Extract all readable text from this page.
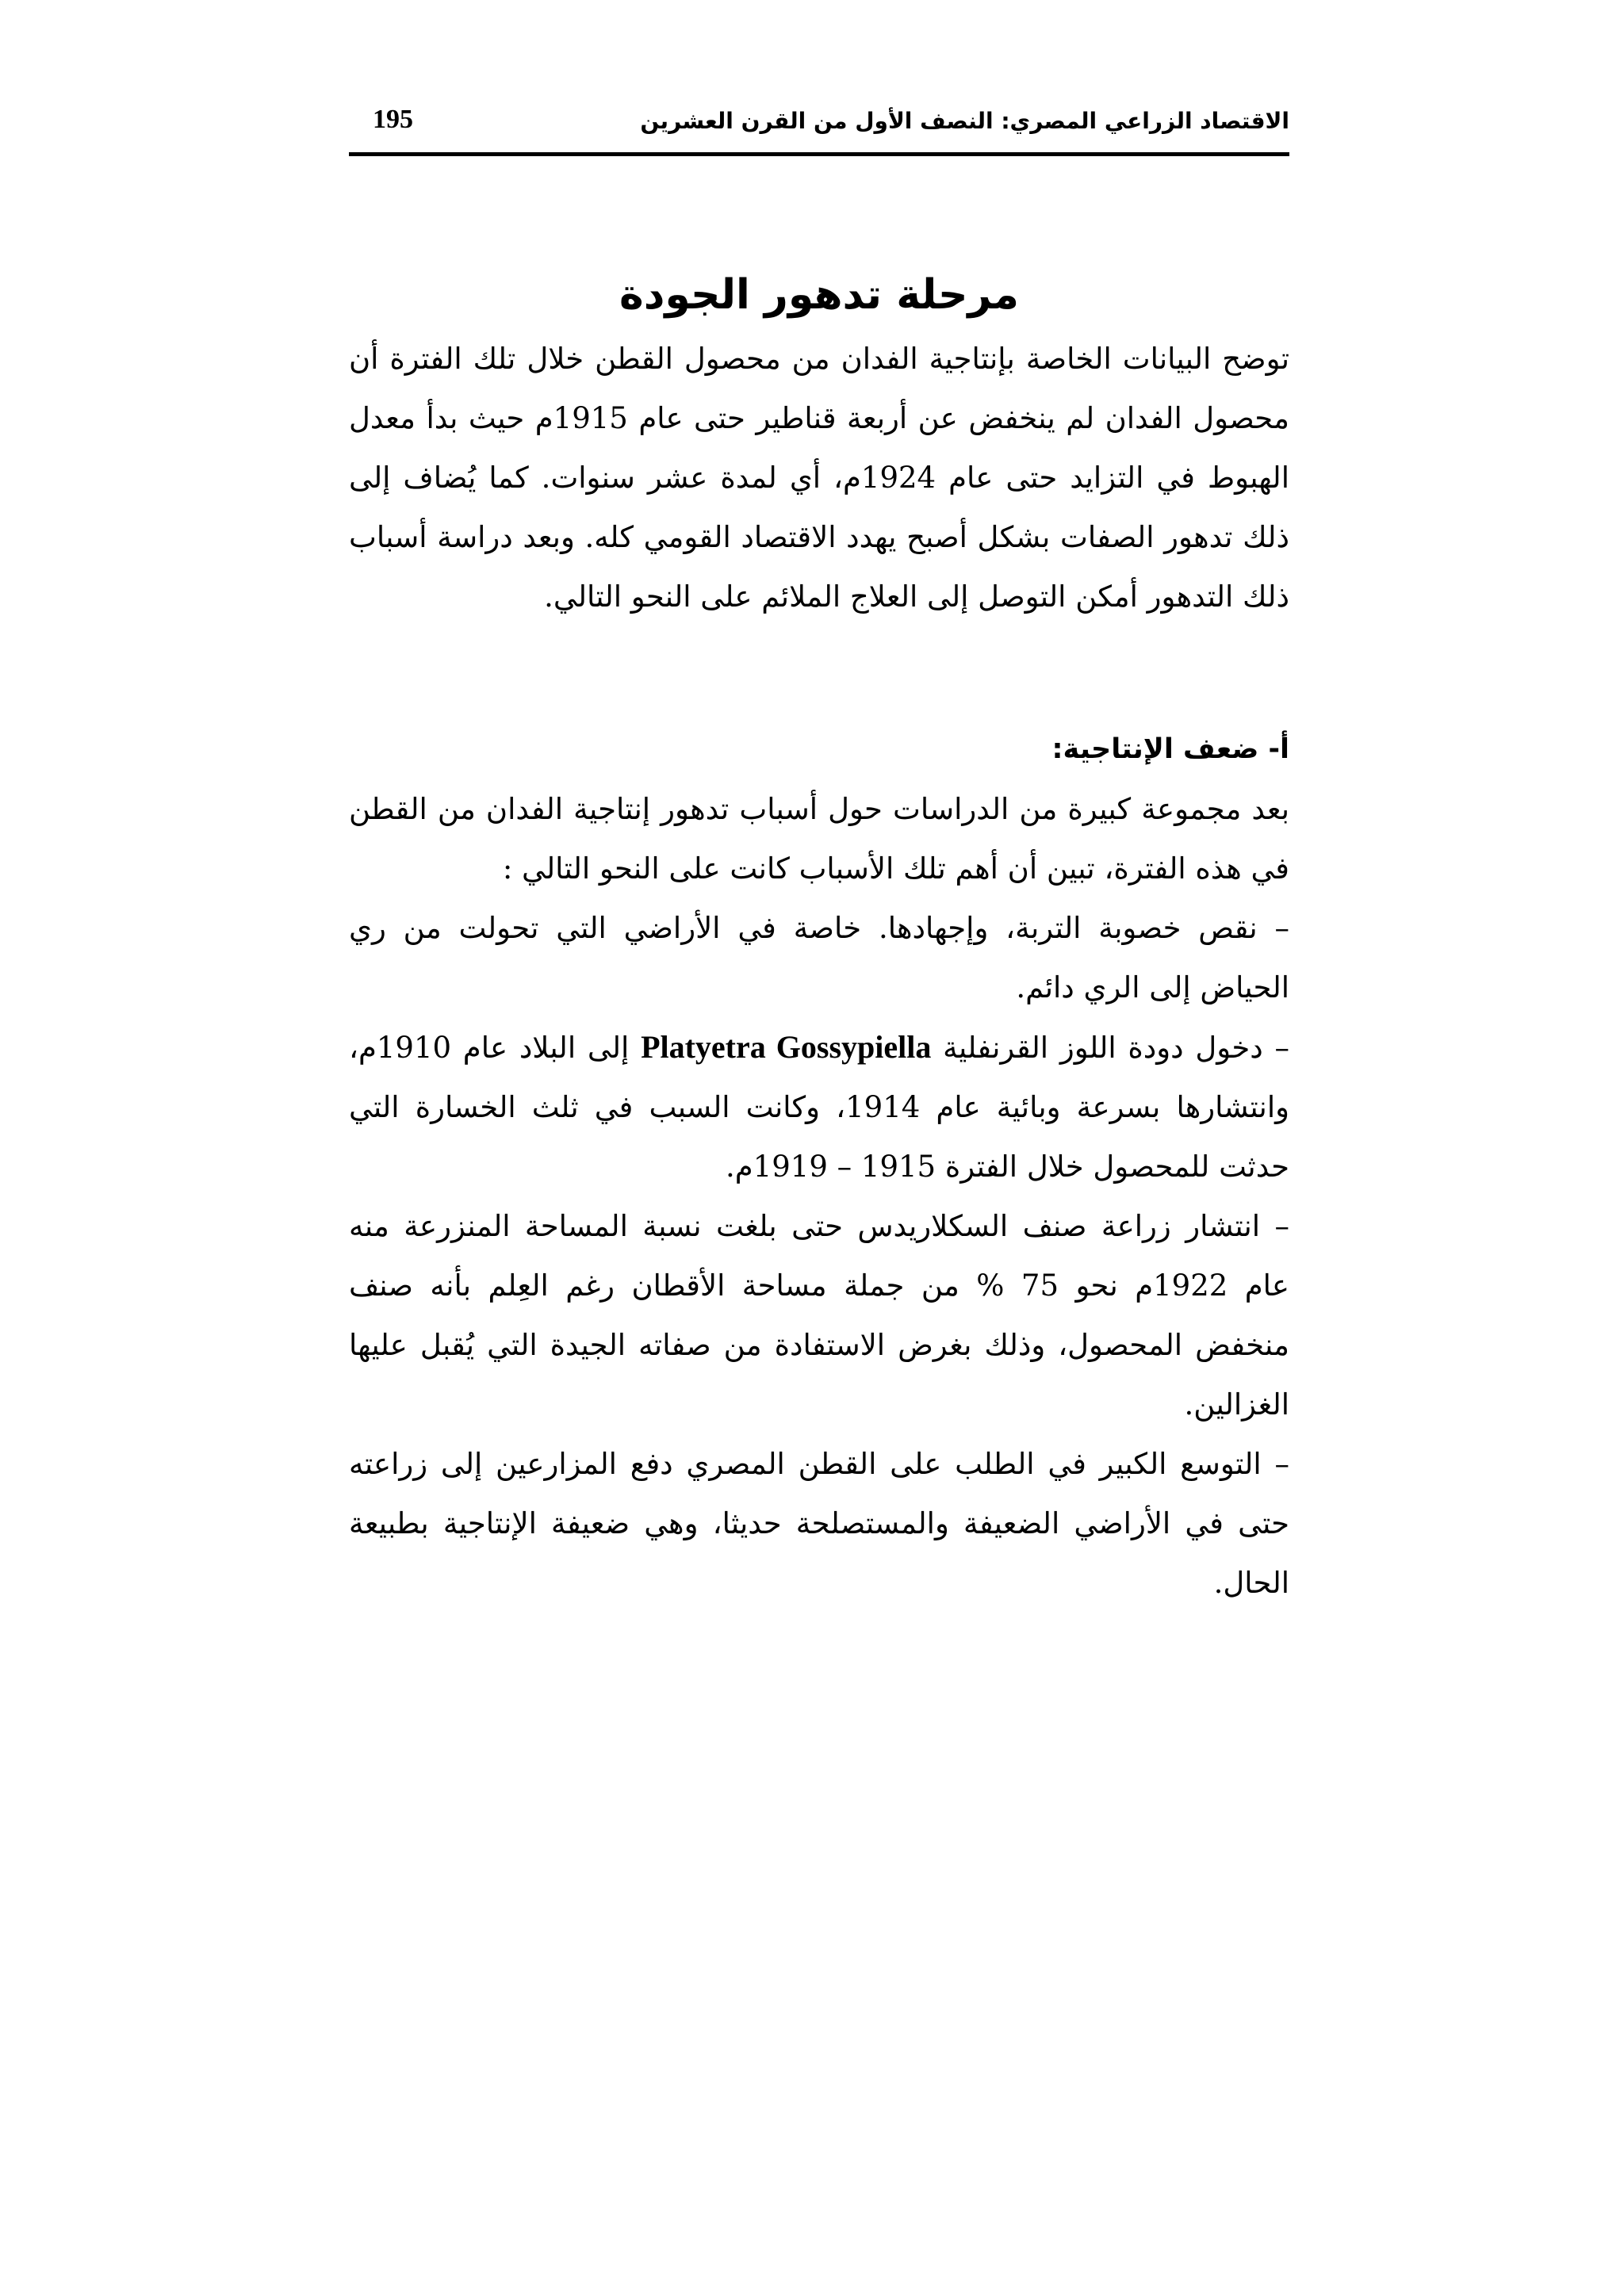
الاقتصاد الزراعي المصري: النصف الأول من القرن العشرين
195
مرحلة تدهور الجودة

توضح البيانات الخاصة بإنتاجية الفدان من محصول القطن خلال تلك الفترة أن محصول الفدان لم ينخفض عن أربعة قناطير حتى عام 1915م حيث بدأ معدل الهبوط في التزايد حتى عام 1924م، أي لمدة عشر سنوات. كما يُضاف إلى ذلك تدهور الصفات بشكل أصبح يهدد الاقتصاد القومي كله. وبعد دراسة أسباب ذلك التدهور أمكن التوصل إلى العلاج الملائم على النحو التالي.

أ- ضعف الإنتاجية:

بعد مجموعة كبيرة من الدراسات حول أسباب تدهور إنتاجية الفدان من القطن في هذه الفترة، تبين أن أهم تلك الأسباب كانت على النحو التالي :

– نقص خصوبة التربة، وإجهادها. خاصة في الأراضي التي تحولت من ري الحياض إلى الري دائم.

– دخول دودة اللوز القرنفلية Platyetra Gossypiella إلى البلاد عام 1910م، وانتشارها بسرعة وبائية عام 1914، وكانت السبب في ثلث الخسارة التي حدثت للمحصول خلال الفترة 1915 – 1919م.

– انتشار زراعة صنف السكلاريدس حتى بلغت نسبة المساحة المنزرعة منه عام 1922م نحو 75 % من جملة مساحة الأقطان رغم العِلم بأنه صنف منخفض المحصول، وذلك بغرض الاستفادة من صفاته الجيدة التي يُقبل عليها الغزالين.

– التوسع الكبير في الطلب على القطن المصري دفع المزارعين إلى زراعته حتى في الأراضي الضعيفة والمستصلحة حديثا، وهي ضعيفة الإنتاجية بطبيعة الحال.
